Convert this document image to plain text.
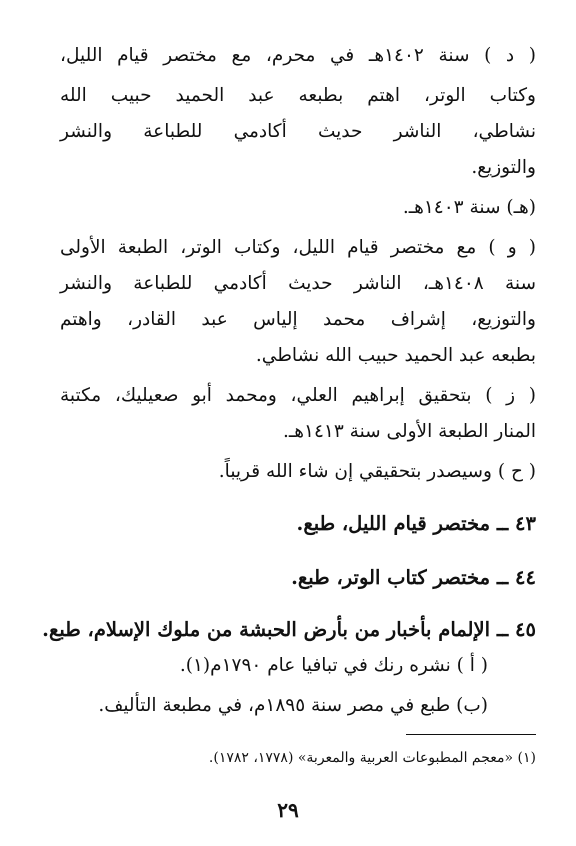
( د ) سنة ١٤٠٢هـ في محرم، مع مختصر قيام الليل،
وكتاب الوتر، اهتم بطبعه عبد الحميد حبيب الله
نشاطي، الناشر حديث أكادمي للطباعة والنشر
والتوزيع.
(هـ) سنة ١٤٠٣هـ.
( و ) مع مختصر قيام الليل، وكتاب الوتر، الطبعة الأولى
سنة ١٤٠٨هـ، الناشر حديث أكادمي للطباعة والنشر
والتوزيع، إشراف محمد إلياس عبد القادر، واهتم
بطبعه عبد الحميد حبيب الله نشاطي.
( ز ) بتحقيق إبراهيم العلي، ومحمد أبو صعيليك، مكتبة
المنار الطبعة الأولى سنة ١٤١٣هـ.
( ح ) وسيصدر بتحقيقي إن شاء الله قريباً.
٤٣ ــ مختصر قيام الليل، طبع.
٤٤ ــ مختصر كتاب الوتر، طبع.
٤٥ ــ الإلمام بأخبار من بأرض الحبشة من ملوك الإسلام، طبع.
( أ ) نشره رنك في تبافيا عام ١٧٩٠م(١).
(ب) طبع في مصر سنة ١٨٩٥م، في مطبعة التأليف.
(١) «معجم المطبوعات العربية والمعربة» (١٧٧٨، ١٧٨٢).
٢٩
